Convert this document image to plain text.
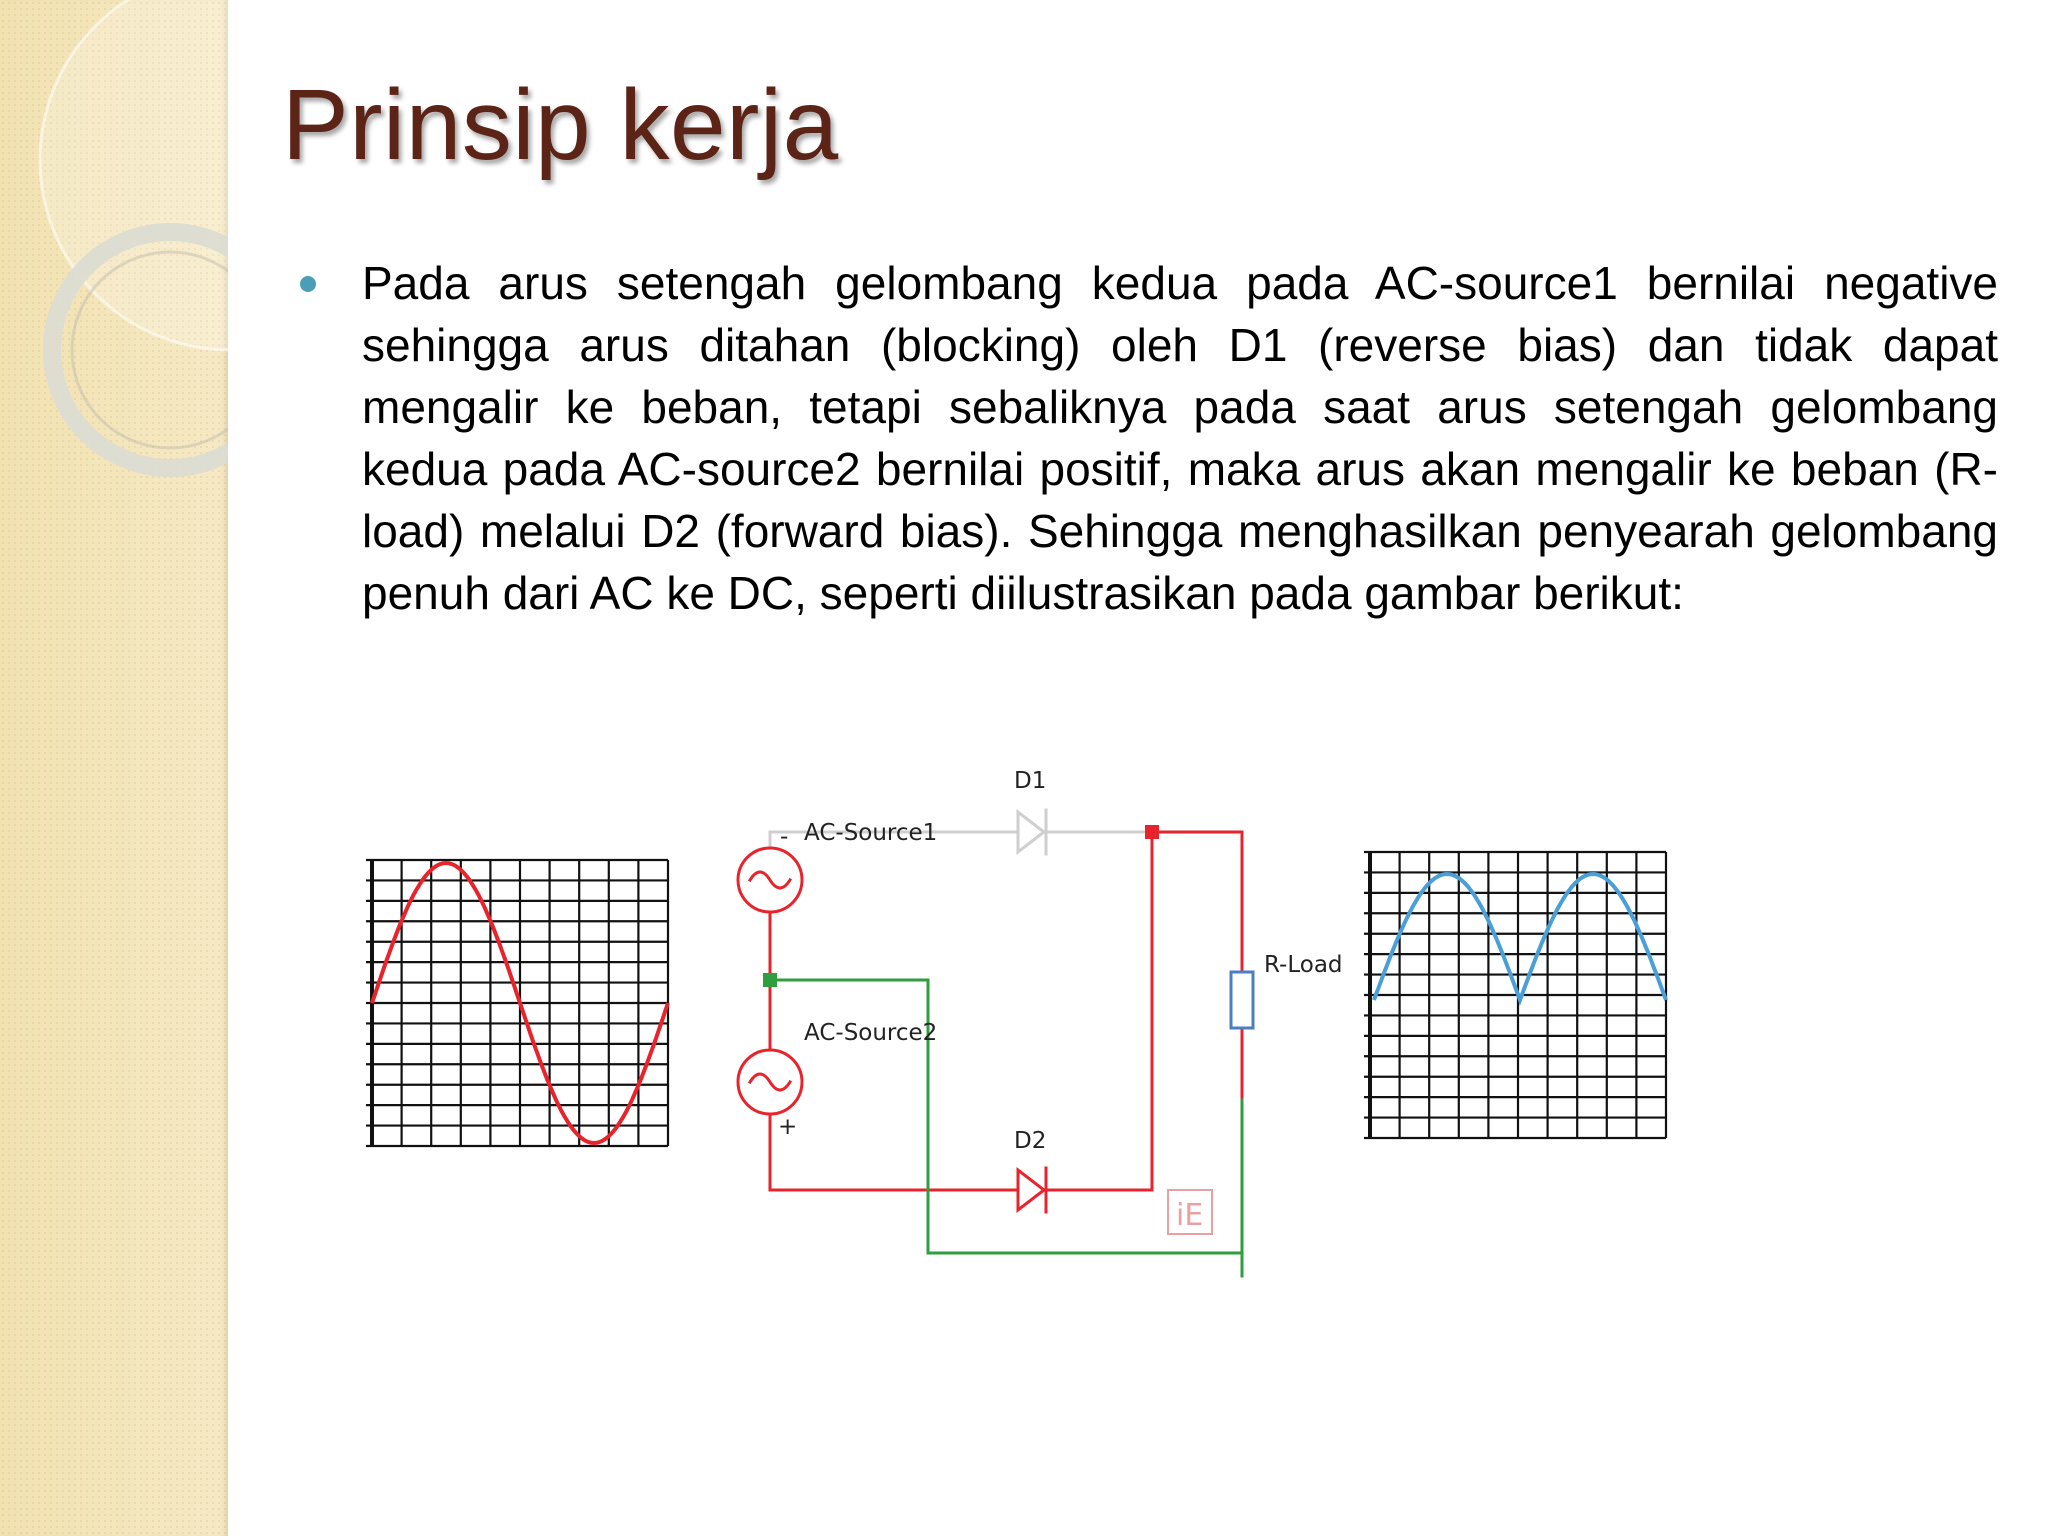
Prinsip kerja

Pada arus setengah gelombang kedua pada AC-source1 bernilai negative sehingga arus ditahan (blocking) oleh D1 (reverse bias) dan tidak dapat mengalir ke beban, tetapi sebaliknya pada saat arus setengah gelombang kedua pada AC-source2 bernilai positif, maka arus akan mengalir ke beban (R-load) melalui D2 (forward bias). Sehingga menghasilkan penyearah gelombang penuh dari AC ke DC, seperti diilustrasikan pada gambar berikut:

iE
D1
D2
AC-Source1
AC-Source2
R-Load
-
+
